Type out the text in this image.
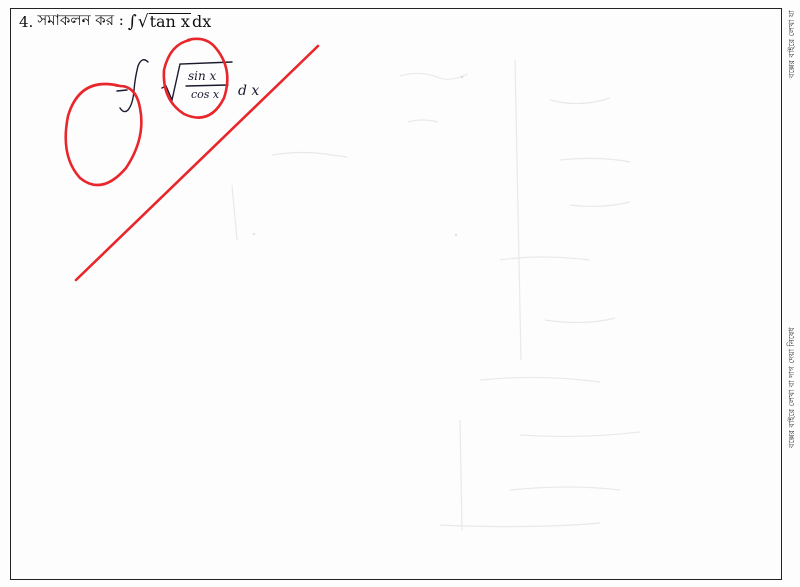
4. সমাকলন কর : ∫ √ tan x dx
sin x
cos x d x
বক্সের বাইরে লেখা যা
বক্সের বাইরে লেখা বা দাগ দেয়া নিষেধ
